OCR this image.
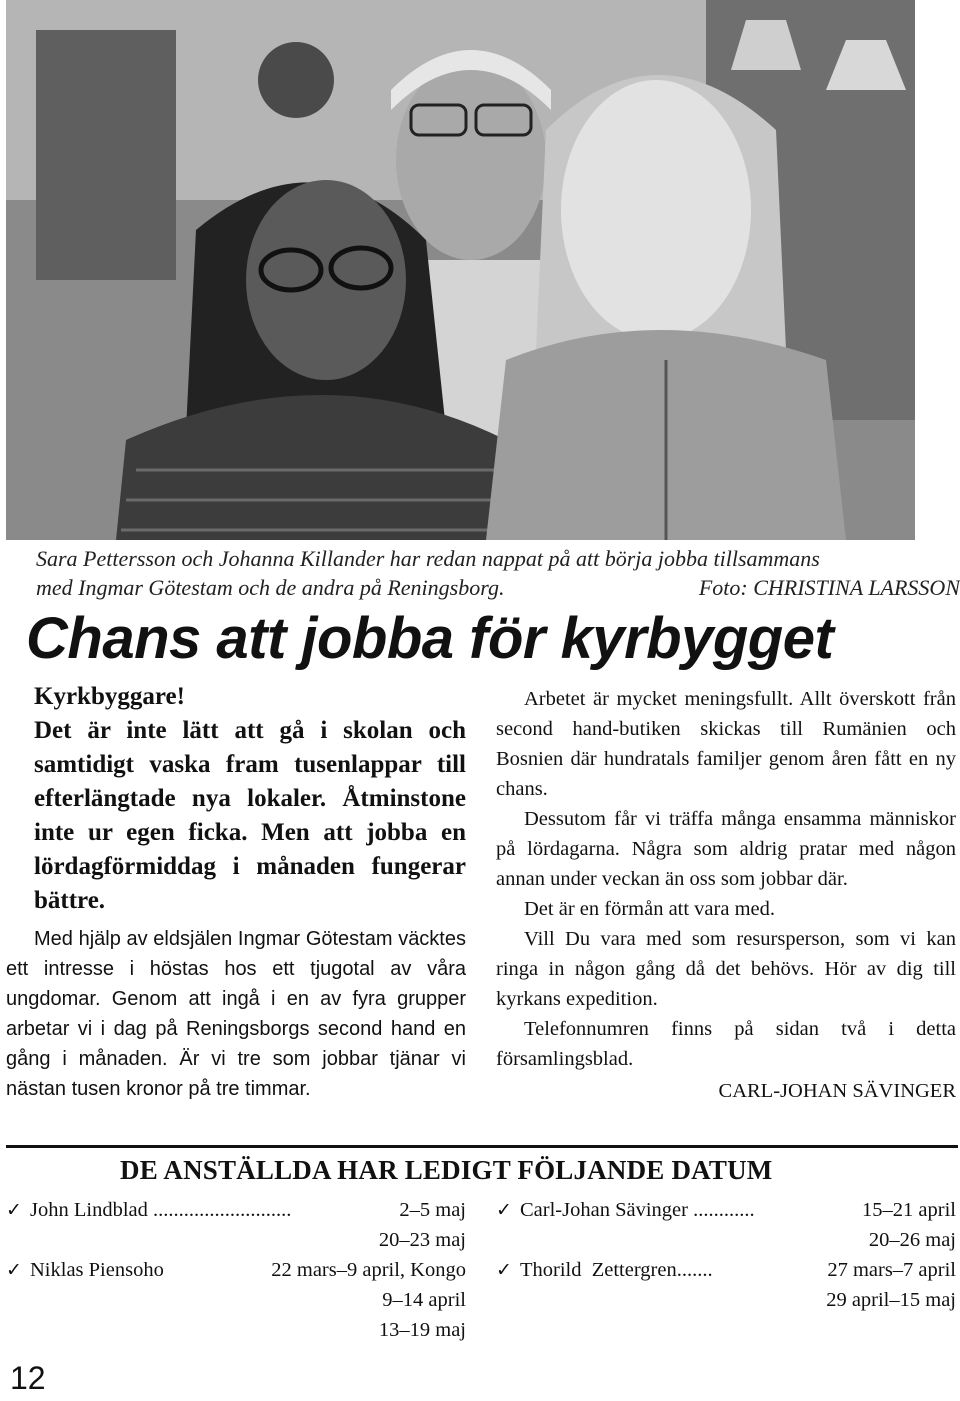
Sara Pettersson och Johanna Killander har redan nappat på att börja jobba tillsammans
med Ingmar Götestam och de andra på Reningsborg.	Foto: CHRISTINA LARSSON
Chans att jobba för kyrbygget

Kyrkbyggare!

Det är inte lätt att gå i skolan och samtidigt vaska fram tusenlappar till efterlängtade nya lokaler. Åtminstone inte ur egen ficka. Men att jobba en lördagförmiddag i månaden fungerar bättre.

Med hjälp av eldsjälen Ingmar Götestam väcktes ett intresse i höstas hos ett tjugotal av våra ungdomar. Genom att ingå i en av fyra grupper arbetar vi i dag på Reningsborgs second hand en gång i månaden. Är vi tre som jobbar tjänar vi nästan tusen kronor på tre timmar.

Arbetet är mycket meningsfullt. Allt överskott från second hand-butiken skickas till Rumänien och Bosnien där hundratals familjer genom åren fått en ny chans.

Dessutom får vi träffa många ensamma människor på lördagarna. Några som aldrig pratar med någon annan under veckan än oss som jobbar där.

Det är en förmån att vara med.

Vill Du vara med som resursperson, som vi kan ringa in någon gång då det behövs. Hör av dig till kyrkans expedition.

Telefonnumren finns på sidan två i detta församlingsblad.

CARL-JOHAN SÄVINGER
DE ANSTÄLLDA HAR LEDIGT FÖLJANDE DATUM
✓ John Lindblad ...........................	2–5 maj
20–23 maj
✓ Niklas Piensoho	22 mars–9 april, Kongo
9–14 april
13–19 maj
✓ Carl-Johan Sävinger ............	15–21 april
20–26 maj
✓ Thorild  Zettergren.......	27 mars–7 april
29 april–15 maj
12
